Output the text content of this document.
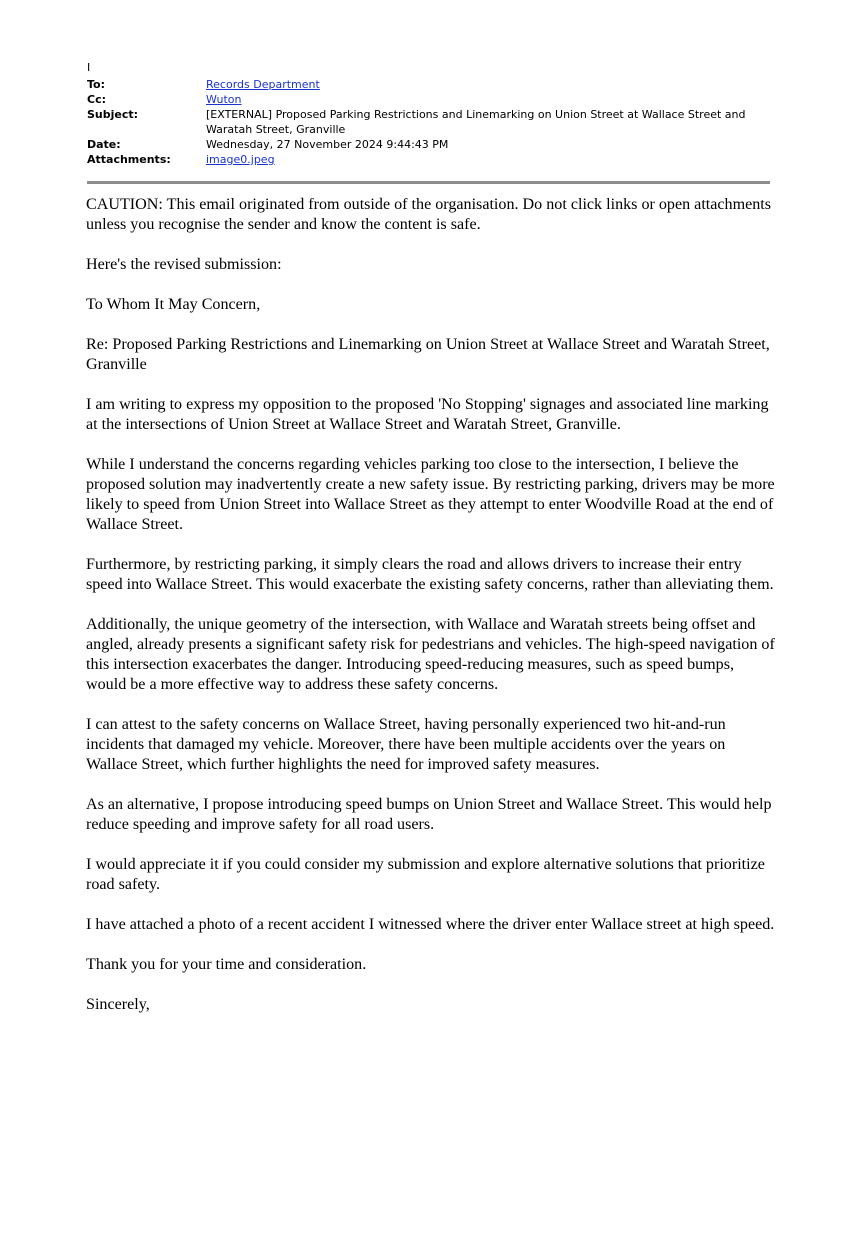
I
To:	Records Department
Cc:	Wuton
Subject:	[EXTERNAL] Proposed Parking Restrictions and Linemarking on Union Street at Wallace Street and Waratah Street, Granville
Date:	Wednesday, 27 November 2024 9:44:43 PM
Attachments:	image0.jpeg

CAUTION: This email originated from outside of the organisation. Do not click links or open attachments unless you recognise the sender and know the content is safe.

Here's the revised submission:

To Whom It May Concern,

Re: Proposed Parking Restrictions and Linemarking on Union Street at Wallace Street and Waratah Street, Granville

I am writing to express my opposition to the proposed 'No Stopping' signages and associated line marking at the intersections of Union Street at Wallace Street and Waratah Street, Granville.

While I understand the concerns regarding vehicles parking too close to the intersection, I believe the proposed solution may inadvertently create a new safety issue. By restricting parking, drivers may be more likely to speed from Union Street into Wallace Street as they attempt to enter Woodville Road at the end of Wallace Street.

Furthermore, by restricting parking, it simply clears the road and allows drivers to increase their entry speed into Wallace Street. This would exacerbate the existing safety concerns, rather than alleviating them.

Additionally, the unique geometry of the intersection, with Wallace and Waratah streets being offset and angled, already presents a significant safety risk for pedestrians and vehicles. The high-speed navigation of this intersection exacerbates the danger. Introducing speed-reducing measures, such as speed bumps, would be a more effective way to address these safety concerns.

I can attest to the safety concerns on Wallace Street, having personally experienced two hit-and-run incidents that damaged my vehicle. Moreover, there have been multiple accidents over the years on Wallace Street, which further highlights the need for improved safety measures.

As an alternative, I propose introducing speed bumps on Union Street and Wallace Street. This would help reduce speeding and improve safety for all road users.

I would appreciate it if you could consider my submission and explore alternative solutions that prioritize road safety.

I have attached a photo of a recent accident I witnessed where the driver enter Wallace street at high speed.

Thank you for your time and consideration.

Sincerely,
